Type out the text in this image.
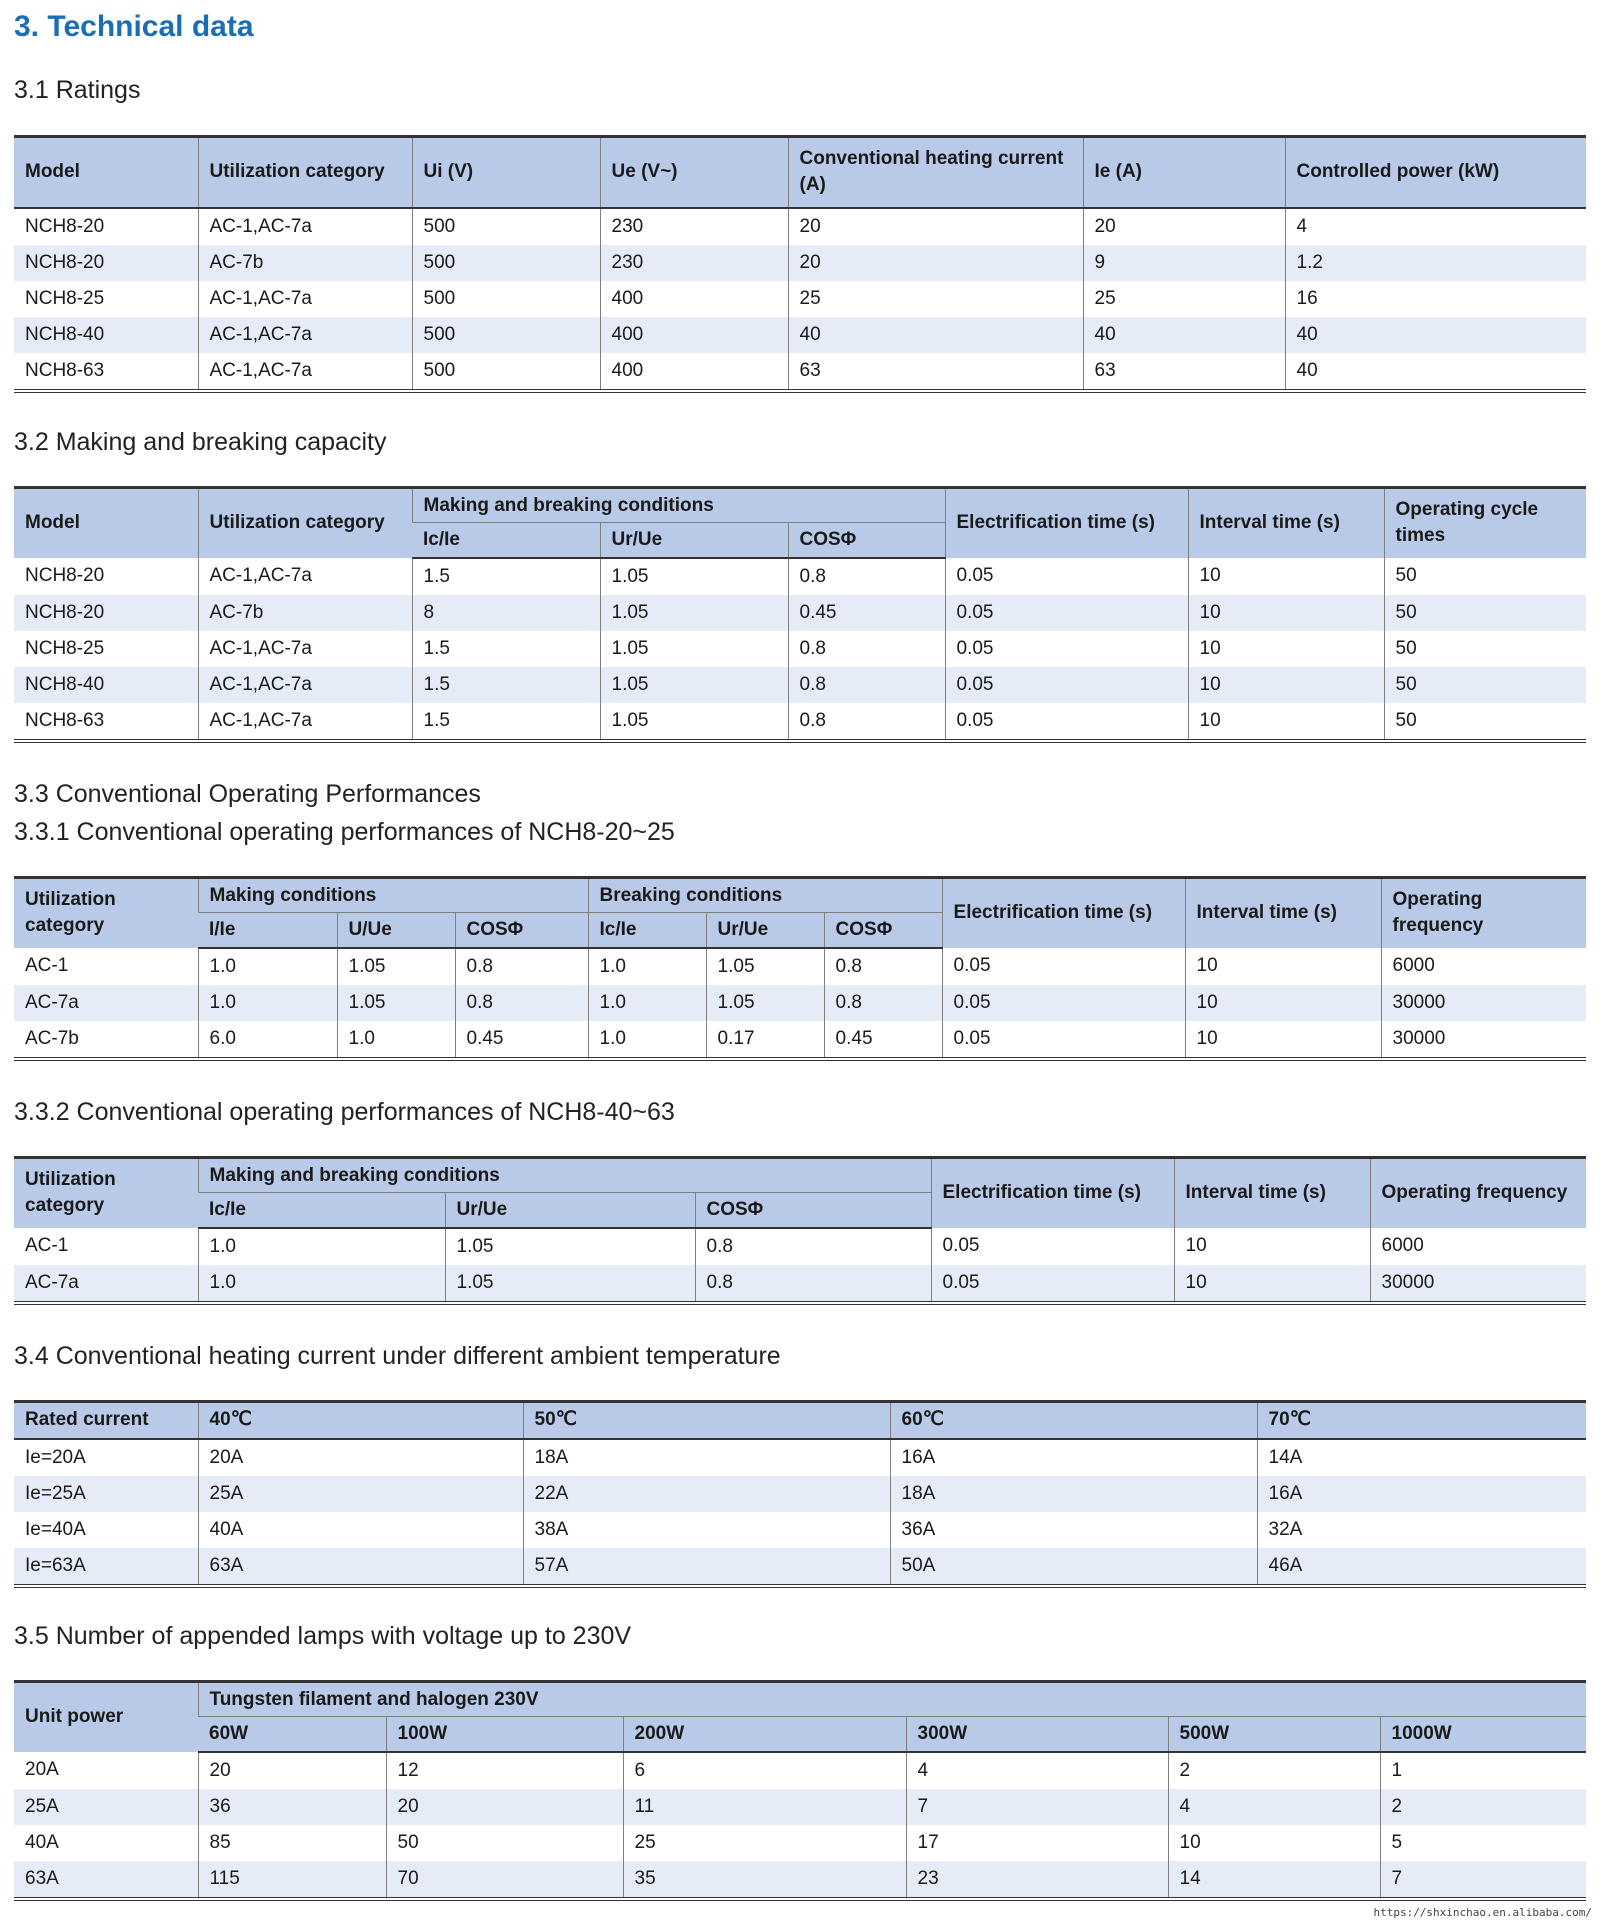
3. Technical data
3.1 Ratings
Model	Utilization category	Ui (V)	Ue (V~)	Conventional heating current (A)	Ie (A)	Controlled power (kW)
NCH8-20	AC-1,AC-7a	500	230	20	20	4
NCH8-20	AC-7b	500	230	20	9	1.2
NCH8-25	AC-1,AC-7a	500	400	25	25	16
NCH8-40	AC-1,AC-7a	500	400	40	40	40
NCH8-63	AC-1,AC-7a	500	400	63	63	40
3.2 Making and breaking capacity
Model	Utilization category	Making and breaking conditions			Electrification time (s)	Interval time (s)	Operating cycle times
		Ic/Ie	Ur/Ue	COSΦ			
NCH8-20	AC-1,AC-7a	1.5	1.05	0.8	0.05	10	50
NCH8-20	AC-7b	8	1.05	0.45	0.05	10	50
NCH8-25	AC-1,AC-7a	1.5	1.05	0.8	0.05	10	50
NCH8-40	AC-1,AC-7a	1.5	1.05	0.8	0.05	10	50
NCH8-63	AC-1,AC-7a	1.5	1.05	0.8	0.05	10	50
3.3 Conventional Operating Performances
3.3.1 Conventional operating performances of NCH8-20~25
Utilization category	Making conditions			Breaking conditions			Electrification time (s)	Interval time (s)	Operating frequency
	I/Ie	U/Ue	COSΦ	Ic/Ie	Ur/Ue	COSΦ			
AC-1	1.0	1.05	0.8	1.0	1.05	0.8	0.05	10	6000
AC-7a	1.0	1.05	0.8	1.0	1.05	0.8	0.05	10	30000
AC-7b	6.0	1.0	0.45	1.0	0.17	0.45	0.05	10	30000
3.3.2 Conventional operating performances of NCH8-40~63
Utilization category	Making and breaking conditions			Electrification time (s)	Interval time (s)	Operating frequency
	Ic/Ie	Ur/Ue	COSΦ			
AC-1	1.0	1.05	0.8	0.05	10	6000
AC-7a	1.0	1.05	0.8	0.05	10	30000
3.4 Conventional heating current under different ambient temperature
Rated current	40℃	50℃	60℃	70℃
Ie=20A	20A	18A	16A	14A
Ie=25A	25A	22A	18A	16A
Ie=40A	40A	38A	36A	32A
Ie=63A	63A	57A	50A	46A
3.5 Number of appended lamps with voltage up to 230V
Unit power	Tungsten filament and halogen 230V					
	60W	100W	200W	300W	500W	1000W
20A	20	12	6	4	2	1
25A	36	20	11	7	4	2
40A	85	50	25	17	10	5
63A	115	70	35	23	14	7
https://shxinchao.en.alibaba.com/
